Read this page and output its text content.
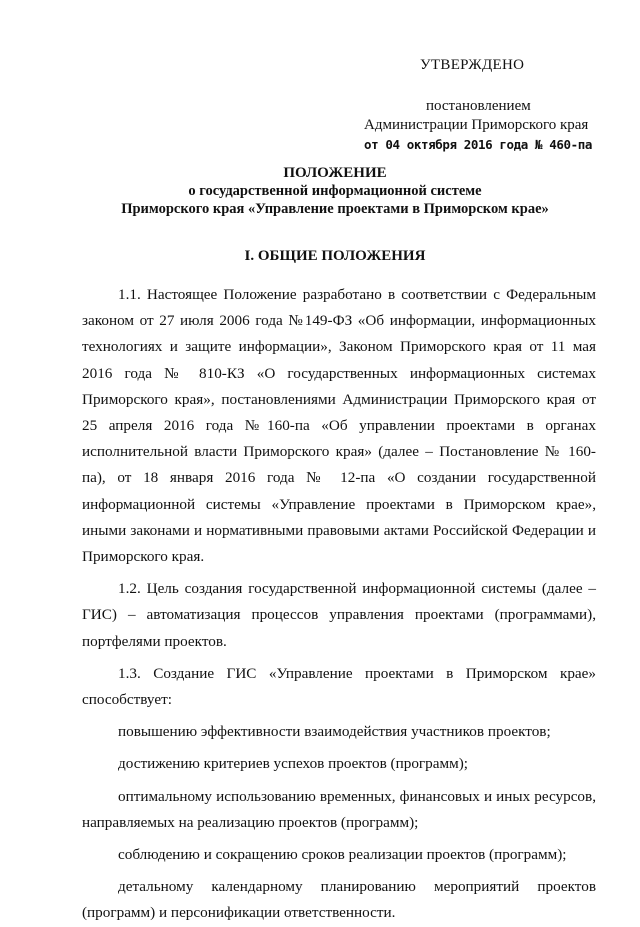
УТВЕРЖДЕНО
постановлением
Администрации Приморского края
от 04 октября 2016 года № 460-па
ПОЛОЖЕНИЕ
о государственной информационной системе
Приморского края «Управление проектами в Приморском крае»
I. ОБЩИЕ ПОЛОЖЕНИЯ

1.1. Настоящее Положение разработано в соответствии с Федеральным законом от 27 июля 2006 года №149-ФЗ «Об информации, информационных технологиях и защите информации», Законом Приморского края от 11 мая 2016 года № 810-КЗ «О государственных информационных системах Приморского края», постановлениями Администрации Приморского края от 25 апреля 2016 года №160-па «Об управлении проектами в органах исполнительной власти Приморского края» (далее – Постановление № 160-па), от 18 января 2016 года № 12-па «О создании государственной информационной системы «Управление проектами в Приморском крае», иными законами и нормативными правовыми актами Российской Федерации и Приморского края.

1.2. Цель создания государственной информационной системы (далее – ГИС) – автоматизация процессов управления проектами (программами), портфелями проектов.

1.3. Создание ГИС «Управление проектами в Приморском крае» способствует:

повышению эффективности взаимодействия участников проектов;

достижению критериев успехов проектов (программ);

оптимальному использованию временных, финансовых и иных ресурсов, направляемых на реализацию проектов (программ);

соблюдению и сокращению сроков реализации проектов (программ);

детальному календарному планированию мероприятий проектов (программ) и персонификации ответственности.
